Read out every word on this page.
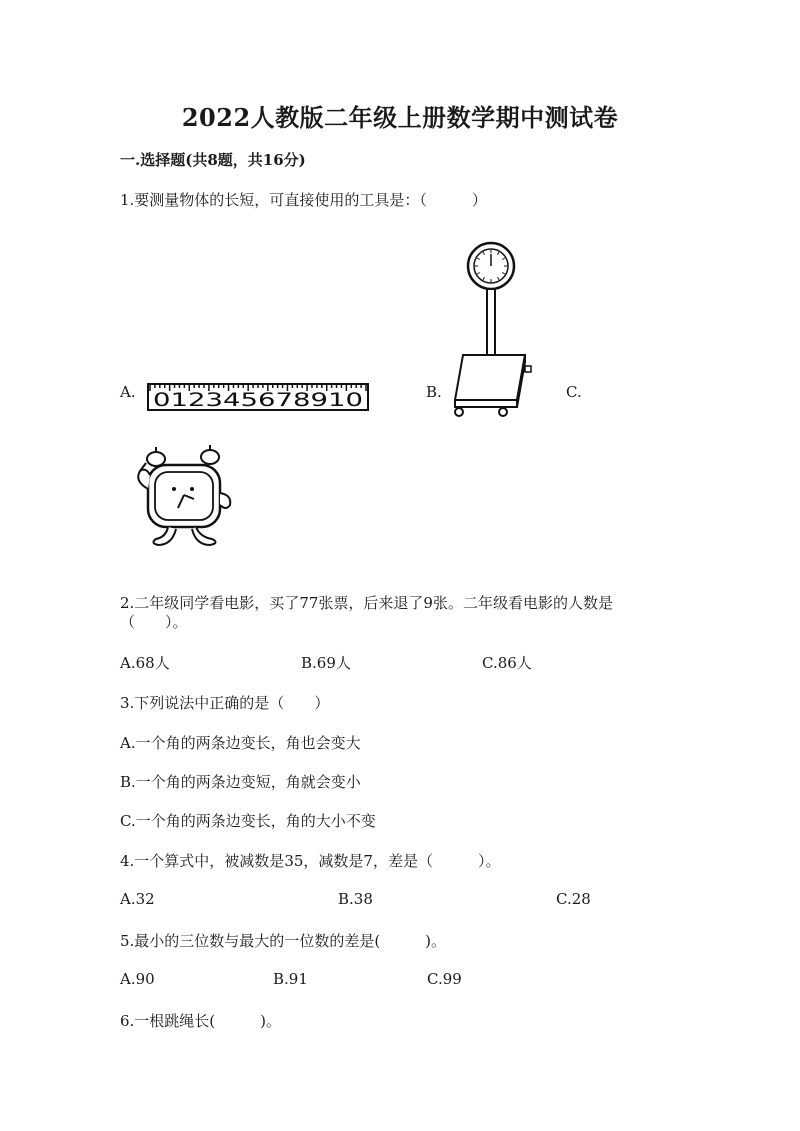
2022人教版二年级上册数学期中测试卷
一.选择题(共8题，共16分)
1.要测量物体的长短，可直接使用的工具是：（　　　）
A. 012345678910	B.	C.
2.二年级同学看电影，买了77张票，后来退了9张。二年级看电影的人数是
（　　）。
A.68人	B.69人	C.86人
3.下列说法中正确的是（　　）
A.一个角的两条边变长，角也会变大
B.一个角的两条边变短，角就会变小
C.一个角的两条边变长，角的大小不变
4.一个算式中，被减数是35，减数是7，差是（　　　）。
A.32	B.38	C.28
5.最小的三位数与最大的一位数的差是(　　　)。
A.90	B.91	C.99
6.一根跳绳长(　　　)。
